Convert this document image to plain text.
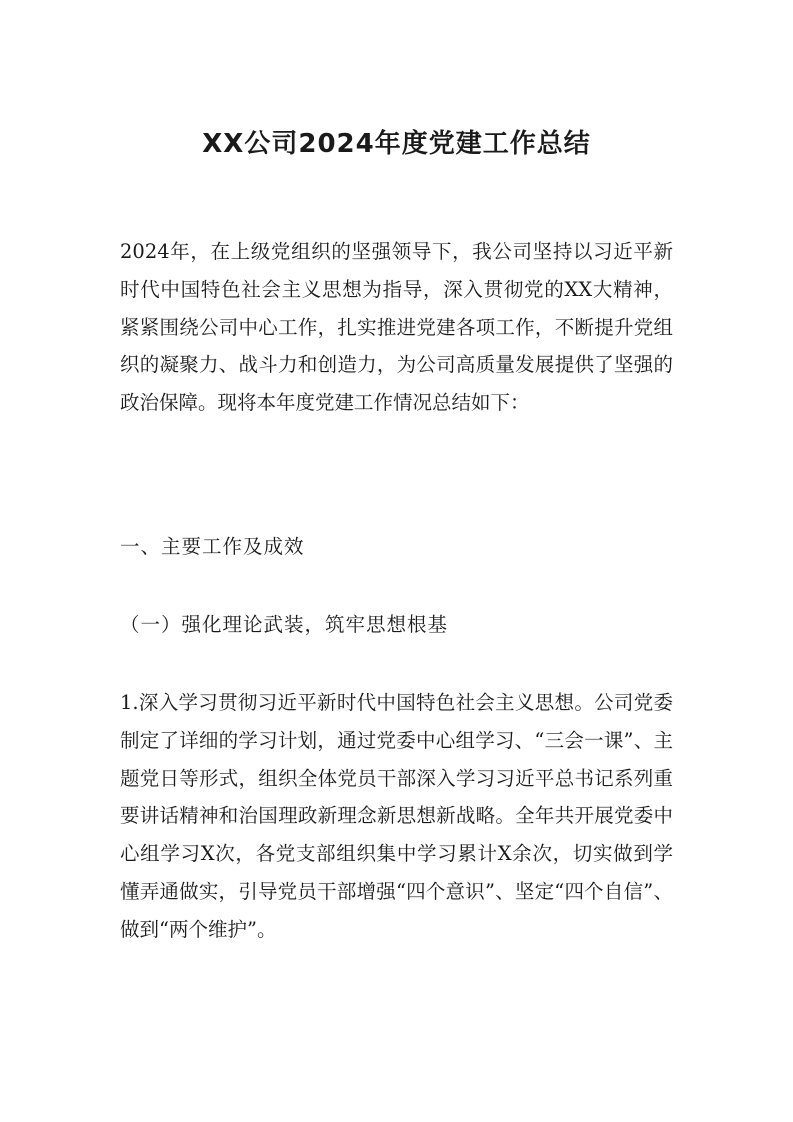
XX公司2024年度党建工作总结
2024年，在上级党组织的坚强领导下，我公司坚持以习近平新时代中国特色社会主义思想为指导，深入贯彻党的XX大精神，紧紧围绕公司中心工作，扎实推进党建各项工作，不断提升党组织的凝聚力、战斗力和创造力，为公司高质量发展提供了坚强的政治保障。现将本年度党建工作情况总结如下：
一、主要工作及成效
（一）强化理论武装，筑牢思想根基
1.深入学习贯彻习近平新时代中国特色社会主义思想。公司党委制定了详细的学习计划，通过党委中心组学习、“三会一课”、主题党日等形式，组织全体党员干部深入学习习近平总书记系列重要讲话精神和治国理政新理念新思想新战略。全年共开展党委中心组学习X次，各党支部组织集中学习累计X余次，切实做到学懂弄通做实，引导党员干部增强“四个意识”、坚定“四个自信”、做到“两个维护”。
